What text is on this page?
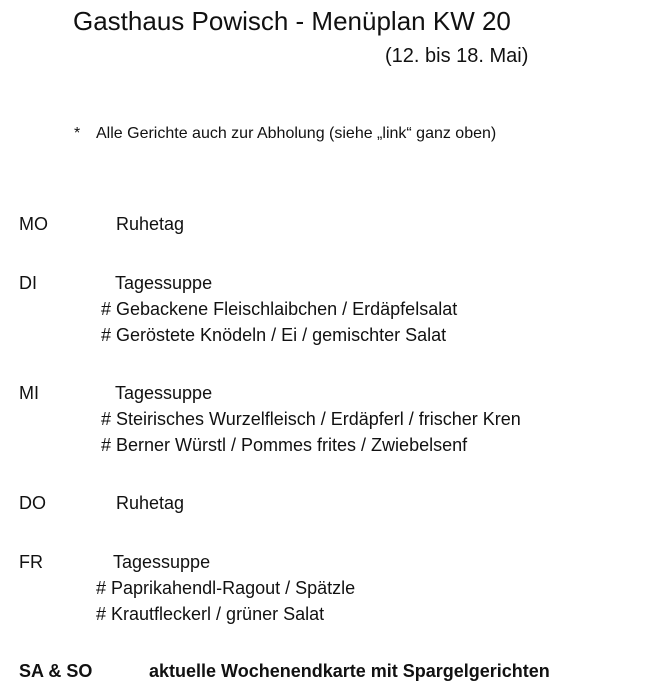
Gasthaus Powisch - Menüplan KW 20
(12. bis 18. Mai)
* Alle Gerichte auch zur Abholung (siehe „link“ ganz oben)
MO	Ruhetag
DI	Tagessuppe
# Gebackene Fleischlaibchen / Erdäpfelsalat
# Geröstete Knödeln / Ei / gemischter Salat
MI	Tagessuppe
# Steirisches Wurzelfleisch / Erdäpferl / frischer Kren
# Berner Würstl / Pommes frites / Zwiebelsenf
DO	Ruhetag
FR	Tagessuppe
# Paprikahendl-Ragout / Spätzle
# Krautfleckerl / grüner Salat
SA & SO	aktuelle Wochenendkarte mit Spargelgerichten
